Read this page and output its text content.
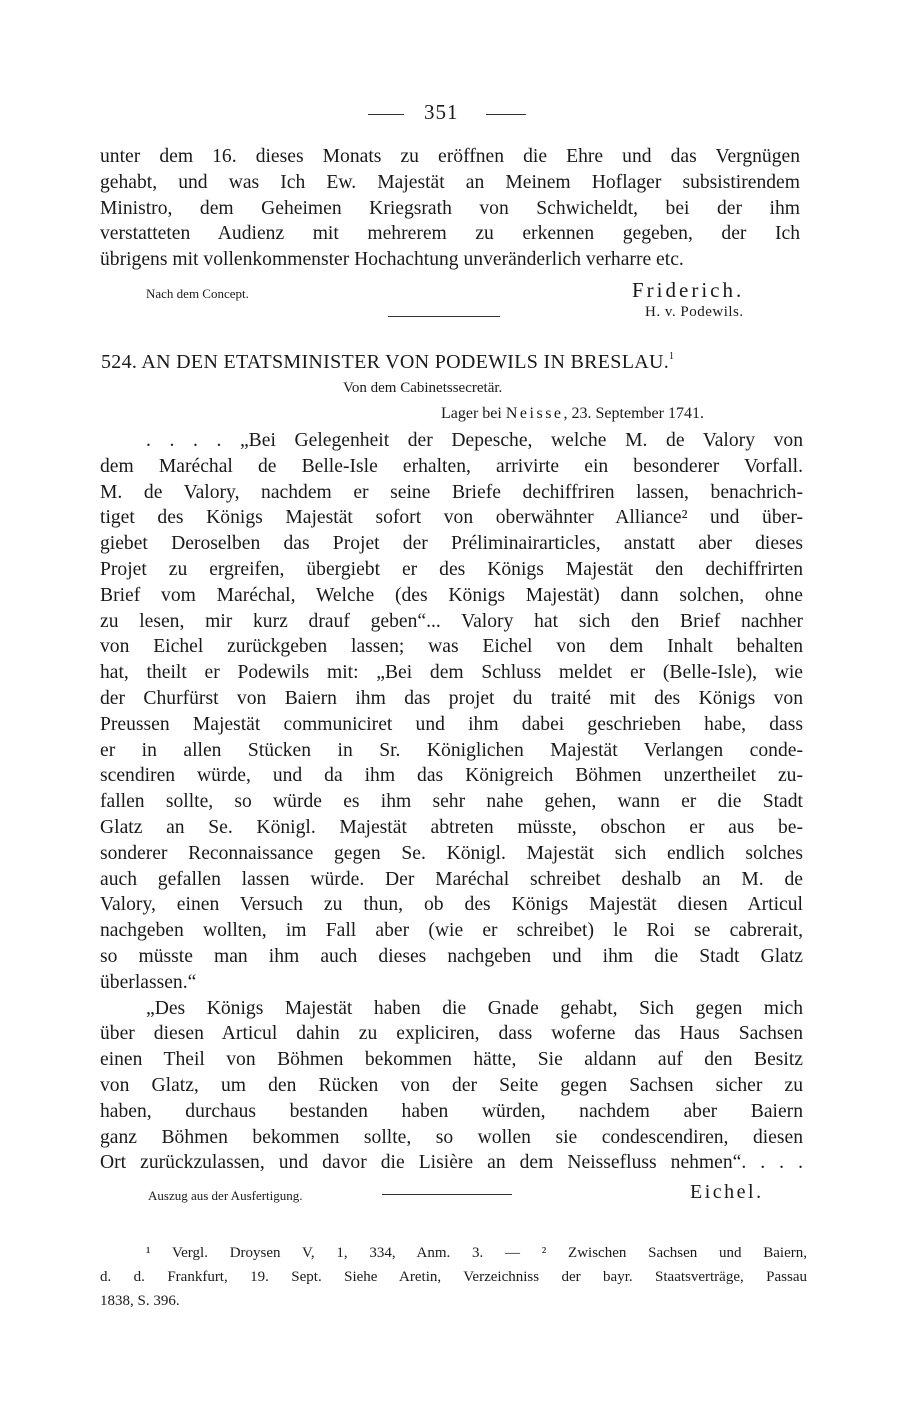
351
unter dem 16. dieses Monats zu eröffnen die Ehre und das Vergnügen
gehabt, und was Ich Ew. Majestät an Meinem Hoflager subsistirendem
Ministro, dem Geheimen Kriegsrath von Schwicheldt, bei der ihm
verstatteten Audienz mit mehrerem zu erkennen gegeben, der Ich
übrigens mit vollenkommenster Hochachtung unveränderlich verharre etc.
Nach dem Concept.	Friderich.
H. v. Podewils.
524. AN DEN ETATSMINISTER VON PODEWILS IN BRESLAU.$^1$
Von dem Cabinetssecretär.
Lager bei Neisse, 23. September 1741.
. . . . „Bei Gelegenheit der Depesche, welche M. de Valory von
dem Maréchal de Belle-Isle erhalten, arrivirte ein besonderer Vorfall.
M. de Valory, nachdem er seine Briefe dechiffriren lassen, benachrich-
tiget des Königs Majestät sofort von oberwähnter Alliance² und über-
giebet Deroselben das Projet der Préliminairarticles, anstatt aber dieses
Projet zu ergreifen, übergiebt er des Königs Majestät den dechiffrirten
Brief vom Maréchal, Welche (des Königs Majestät) dann solchen, ohne
zu lesen, mir kurz drauf geben“... Valory hat sich den Brief nachher
von Eichel zurückgeben lassen; was Eichel von dem Inhalt behalten
hat, theilt er Podewils mit: „Bei dem Schluss meldet er (Belle-Isle), wie
der Churfürst von Baiern ihm das projet du traité mit des Königs von
Preussen Majestät communiciret und ihm dabei geschrieben habe, dass
er in allen Stücken in Sr. Königlichen Majestät Verlangen conde-
scendiren würde, und da ihm das Königreich Böhmen unzertheilet zu-
fallen sollte, so würde es ihm sehr nahe gehen, wann er die Stadt
Glatz an Se. Königl. Majestät abtreten müsste, obschon er aus be-
sonderer Reconnaissance gegen Se. Königl. Majestät sich endlich solches
auch gefallen lassen würde. Der Maréchal schreibet deshalb an M. de
Valory, einen Versuch zu thun, ob des Königs Majestät diesen Articul
nachgeben wollten, im Fall aber (wie er schreibet) le Roi se cabrerait,
so müsste man ihm auch dieses nachgeben und ihm die Stadt Glatz
überlassen.“
„Des Königs Majestät haben die Gnade gehabt, Sich gegen mich
über diesen Articul dahin zu expliciren, dass woferne das Haus Sachsen
einen Theil von Böhmen bekommen hätte, Sie aldann auf den Besitz
von Glatz, um den Rücken von der Seite gegen Sachsen sicher zu
haben, durchaus bestanden haben würden, nachdem aber Baiern
ganz Böhmen bekommen sollte, so wollen sie condescendiren, diesen
Ort zurückzulassen, und davor die Lisière an dem Neissefluss nehmen“. . . .
Auszug aus der Ausfertigung.	Eichel.
¹ Vergl. Droysen V, 1, 334, Anm. 3. — ² Zwischen Sachsen und Baiern,
d. d. Frankfurt, 19. Sept. Siehe Aretin, Verzeichniss der bayr. Staatsverträge, Passau
1838, S. 396.
